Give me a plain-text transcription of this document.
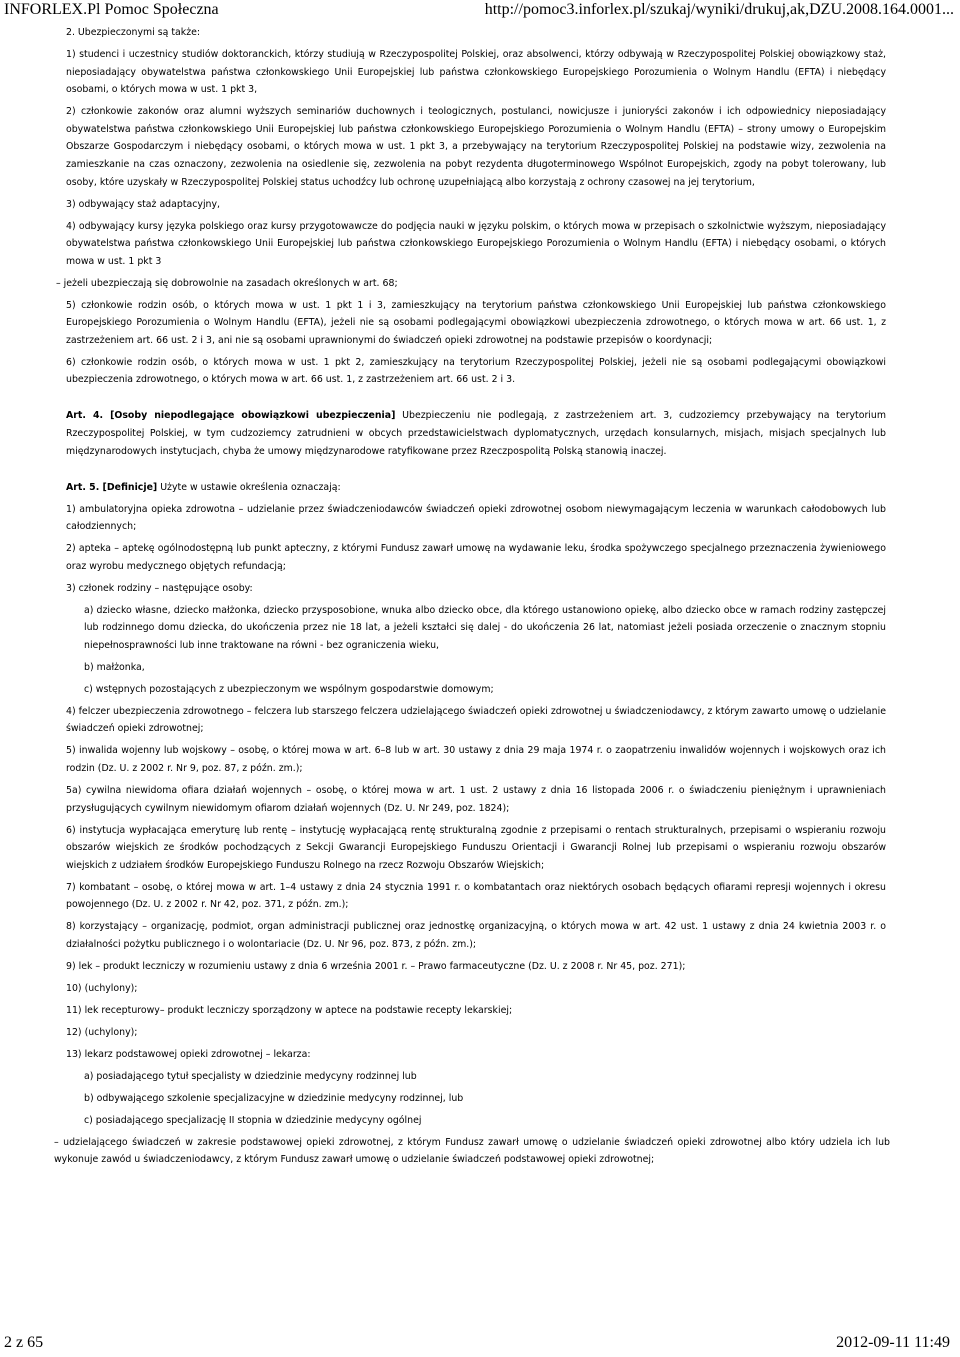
INFORLEX.Pl Pomoc Społeczna	http://pomoc3.inforlex.pl/szukaj/wyniki/drukuj,ak,DZU.2008.164.0001...

2. Ubezpieczonymi są także:

1) studenci i uczestnicy studiów doktoranckich, którzy studiują w Rzeczypospolitej Polskiej, oraz absolwenci, którzy odbywają w Rzeczypospolitej Polskiej obowiązkowy staż, nieposiadający obywatelstwa państwa członkowskiego Unii Europejskiej lub państwa członkowskiego Europejskiego Porozumienia o Wolnym Handlu (EFTA) i niebędący osobami, o których mowa w ust. 1 pkt 3,

2) członkowie zakonów oraz alumni wyższych seminariów duchownych i teologicznych, postulanci, nowicjusze i junioryści zakonów i ich odpowiednicy nieposiadający obywatelstwa państwa członkowskiego Unii Europejskiej lub państwa członkowskiego Europejskiego Porozumienia o Wolnym Handlu (EFTA) – strony umowy o Europejskim Obszarze Gospodarczym i niebędący osobami, o których mowa w ust. 1 pkt 3, a przebywający na terytorium Rzeczypospolitej Polskiej na podstawie wizy, zezwolenia na zamieszkanie na czas oznaczony, zezwolenia na osiedlenie się, zezwolenia na pobyt rezydenta długoterminowego Wspólnot Europejskich, zgody na pobyt tolerowany, lub osoby, które uzyskały w Rzeczypospolitej Polskiej status uchodźcy lub ochronę uzupełniającą albo korzystają z ochrony czasowej na jej terytorium,

3) odbywający staż adaptacyjny,

4) odbywający kursy języka polskiego oraz kursy przygotowawcze do podjęcia nauki w języku polskim, o których mowa w przepisach o szkolnictwie wyższym, nieposiadający obywatelstwa państwa członkowskiego Unii Europejskiej lub państwa członkowskiego Europejskiego Porozumienia o Wolnym Handlu (EFTA) i niebędący osobami, o których mowa w ust. 1 pkt 3

– jeżeli ubezpieczają się dobrowolnie na zasadach określonych w art. 68;

5) członkowie rodzin osób, o których mowa w ust. 1 pkt 1 i 3, zamieszkujący na terytorium państwa członkowskiego Unii Europejskiej lub państwa członkowskiego Europejskiego Porozumienia o Wolnym Handlu (EFTA), jeżeli nie są osobami podlegającymi obowiązkowi ubezpieczenia zdrowotnego, o których mowa w art. 66 ust. 1, z zastrzeżeniem art. 66 ust. 2 i 3, ani nie są osobami uprawnionymi do świadczeń opieki zdrowotnej na podstawie przepisów o koordynacji;

6) członkowie rodzin osób, o których mowa w ust. 1 pkt 2, zamieszkujący na terytorium Rzeczypospolitej Polskiej, jeżeli nie są osobami podlegającymi obowiązkowi ubezpieczenia zdrowotnego, o których mowa w art. 66 ust. 1, z zastrzeżeniem art. 66 ust. 2 i 3.

Art. 4. [Osoby niepodlegające obowiązkowi ubezpieczenia] Ubezpieczeniu nie podlegają, z zastrzeżeniem art. 3, cudzoziemcy przebywający na terytorium Rzeczypospolitej Polskiej, w tym cudzoziemcy zatrudnieni w obcych przedstawicielstwach dyplomatycznych, urzędach konsularnych, misjach, misjach specjalnych lub międzynarodowych instytucjach, chyba że umowy międzynarodowe ratyfikowane przez Rzeczpospolitą Polską stanowią inaczej.

Art. 5. [Definicje] Użyte w ustawie określenia oznaczają:

1) ambulatoryjna opieka zdrowotna – udzielanie przez świadczeniodawców świadczeń opieki zdrowotnej osobom niewymagającym leczenia w warunkach całodobowych lub całodziennych;

2) apteka – aptekę ogólnodostępną lub punkt apteczny, z którymi Fundusz zawarł umowę na wydawanie leku, środka spożywczego specjalnego przeznaczenia żywieniowego oraz wyrobu medycznego objętych refundacją;

3) członek rodziny – następujące osoby:

a) dziecko własne, dziecko małżonka, dziecko przysposobione, wnuka albo dziecko obce, dla którego ustanowiono opiekę, albo dziecko obce w ramach rodziny zastępczej lub rodzinnego domu dziecka, do ukończenia przez nie 18 lat, a jeżeli kształci się dalej - do ukończenia 26 lat, natomiast jeżeli posiada orzeczenie o znacznym stopniu niepełnosprawności lub inne traktowane na równi - bez ograniczenia wieku,

b) małżonka,

c) wstępnych pozostających z ubezpieczonym we wspólnym gospodarstwie domowym;

4) felczer ubezpieczenia zdrowotnego – felczera lub starszego felczera udzielającego świadczeń opieki zdrowotnej u świadczeniodawcy, z którym zawarto umowę o udzielanie świadczeń opieki zdrowotnej;

5) inwalida wojenny lub wojskowy – osobę, o której mowa w art. 6–8 lub w art. 30 ustawy z dnia 29 maja 1974 r. o zaopatrzeniu inwalidów wojennych i wojskowych oraz ich rodzin (Dz. U. z 2002 r. Nr 9, poz. 87, z późn. zm.);

5a) cywilna niewidoma ofiara działań wojennych – osobę, o której mowa w art. 1 ust. 2 ustawy z dnia 16 listopada 2006 r. o świadczeniu pieniężnym i uprawnieniach przysługujących cywilnym niewidomym ofiarom działań wojennych (Dz. U. Nr 249, poz. 1824);

6) instytucja wypłacająca emeryturę lub rentę – instytucję wypłacającą rentę strukturalną zgodnie z przepisami o rentach strukturalnych, przepisami o wspieraniu rozwoju obszarów wiejskich ze środków pochodzących z Sekcji Gwarancji Europejskiego Funduszu Orientacji i Gwarancji Rolnej lub przepisami o wspieraniu rozwoju obszarów wiejskich z udziałem środków Europejskiego Funduszu Rolnego na rzecz Rozwoju Obszarów Wiejskich;

7) kombatant – osobę, o której mowa w art. 1–4 ustawy z dnia 24 stycznia 1991 r. o kombatantach oraz niektórych osobach będących ofiarami represji wojennych i okresu powojennego (Dz. U. z 2002 r. Nr 42, poz. 371, z późn. zm.);

8) korzystający – organizację, podmiot, organ administracji publicznej oraz jednostkę organizacyjną, o których mowa w art. 42 ust. 1 ustawy z dnia 24 kwietnia 2003 r. o działalności pożytku publicznego i o wolontariacie (Dz. U. Nr 96, poz. 873, z późn. zm.);

9) lek – produkt leczniczy w rozumieniu ustawy z dnia 6 września 2001 r. – Prawo farmaceutyczne (Dz. U. z 2008 r. Nr 45, poz. 271);

10) (uchylony);

11) lek recepturowy– produkt leczniczy sporządzony w aptece na podstawie recepty lekarskiej;

12) (uchylony);

13) lekarz podstawowej opieki zdrowotnej – lekarza:

a) posiadającego tytuł specjalisty w dziedzinie medycyny rodzinnej lub

b) odbywającego szkolenie specjalizacyjne w dziedzinie medycyny rodzinnej, lub

c) posiadającego specjalizację II stopnia w dziedzinie medycyny ogólnej

– udzielającego świadczeń w zakresie podstawowej opieki zdrowotnej, z którym Fundusz zawarł umowę o udzielanie świadczeń opieki zdrowotnej albo który udziela ich lub wykonuje zawód u świadczeniodawcy, z którym Fundusz zawarł umowę o udzielanie świadczeń podstawowej opieki zdrowotnej;

2 z 65	2012-09-11 11:49
